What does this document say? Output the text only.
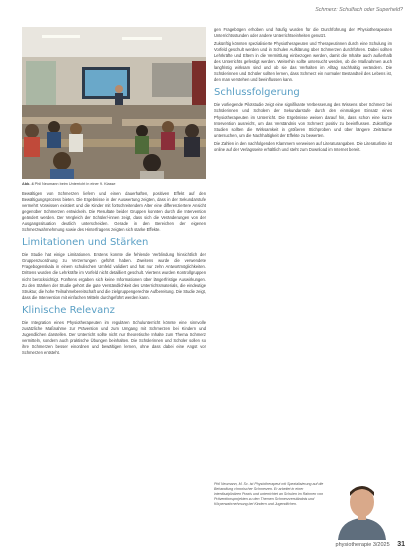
Schmerz: Schulfach oder Superheld?
Abb. 4 Phil Neumann beim Unterricht in einer 9. Klasse

Bewältigen von Schmerzen liefern und einen dauerhaften, positiven Effekt auf den Bewältigungsprozess bieten. Die Ergebnisse in der Auswertung zeigten, dass in der Sekundarstufe vermehrt Vorwissen existiert und die Kinder mit fortschreitendem Alter eine differenziertere Ansicht gegenüber Schmerzen entwickeln. Die Resultate beider Gruppen konnten durch die Intervention geändert werden. Der Vergleich der Schüler/-innen zeigt, dass sich die Veränderungen von der Ausgangssituation deutlich unterscheiden. Gerade in den Bereichen der eigenen Schmerzwahrnehmung sowie des Hinterfragens zeigten sich starke Effekte.

Limitationen und Stärken

Die Studie hat einige Limitationen. Erstens konnte die fehlende Verblindung hinsichtlich der Gruppenzuordnung zu Verzerrungen geführt haben. Zweitens wurde die verwendete Fragebogenskala in einem schulischen Umfeld validiert und hat nur zehn Antwortmöglichkeiten. Drittens wurden die Lehrkräfte im Vorfeld nicht detailliert geschult. Viertens wurden Kontrollgruppen nicht berücksichtigt. Fünftens ergaben sich keine Informationen über längerfristige Auswirkungen. Zu den Stärken der Studie gehört die gute Verständlichkeit des Unterrichtsmaterials, die eindeutige Struktur, die hohe Teilnahmebereitschaft und die zielgruppengerechte Aufbereitung. Die Studie zeigt, dass die Intervention mit einfachen Mitteln durchgeführt werden kann.

Klinische Relevanz

Die Integration eines Physiotherapeuten im regulären Schulunterricht könnte eine sinnvolle zusätzliche Maßnahme zur Prävention und zum Umgang mit Schmerzen bei Kindern und Jugendlichen darstellen. Der Unterricht sollte nicht nur theoretische Inhalte zum Thema Schmerz vermitteln, sondern auch praktische Übungen beinhalten. Die Schülerinnen und Schüler sollen so ihre Schmerzen besser einordnen und bewältigen lernen, ohne dass dabei eine Angst vor Schmerzen entsteht.

gen Fragebögen erhoben und häufig wurden für die Durchführung der Physiotherapeuten Unterrichtsstunden oder andere Unterrichtseinheiten genutzt.

Zukünftig könnten spezialisierte Physiotherapeuten und Therapeutinnen durch eine Schulung im Vorfeld geschult werden und in Schulen Aufklärung über Schmerzen durchführen. Dabei sollten Lehrkräfte und Eltern in die Vermittlung einbezogen werden, damit die Inhalte auch außerhalb des Unterrichts gefestigt werden. Weiterhin sollte untersucht werden, ob die Maßnahmen auch langfristig wirksam sind und ob sie das Verhalten im Alltag nachhaltig verändern. Die Schülerinnen und Schüler sollten lernen, dass Schmerz ein normaler Bestandteil des Lebens ist, den man verstehen und beeinflussen kann.

Schlussfolgerung

Die vorliegende Pilotstudie zeigt eine signifikante Verbesserung des Wissens über Schmerz bei Schülerinnen und Schülern der Sekundarstufe durch den einmaligen Einsatz eines Physiotherapeuten im Unterricht. Die Ergebnisse weisen darauf hin, dass schon eine kurze Intervention ausreicht, um das Verständnis von Schmerz positiv zu beeinflussen. Zukünftige Studien sollten die Wirksamkeit in größeren Stichproben und über längere Zeiträume untersuchen, um die Nachhaltigkeit der Effekte zu bewerten.

Die Zahlen in den nachfolgenden Klammern verweisen auf Literaturangaben. Die Literaturliste ist online auf der Verlagsseite erhältlich und steht zum Download im Internet bereit.

Phil Neumann, M. Sc. ist Physiotherapeut mit Spezialisierung auf die Behandlung chronischer Schmerzen. Er arbeitet in einer interdisziplinären Praxis und unterrichtet an Schulen im Rahmen von Präventionsprojekten zu den Themen Schmerzverständnis und Körperwahrnehmung bei Kindern und Jugendlichen.
physiotherapie 3/2025 31
